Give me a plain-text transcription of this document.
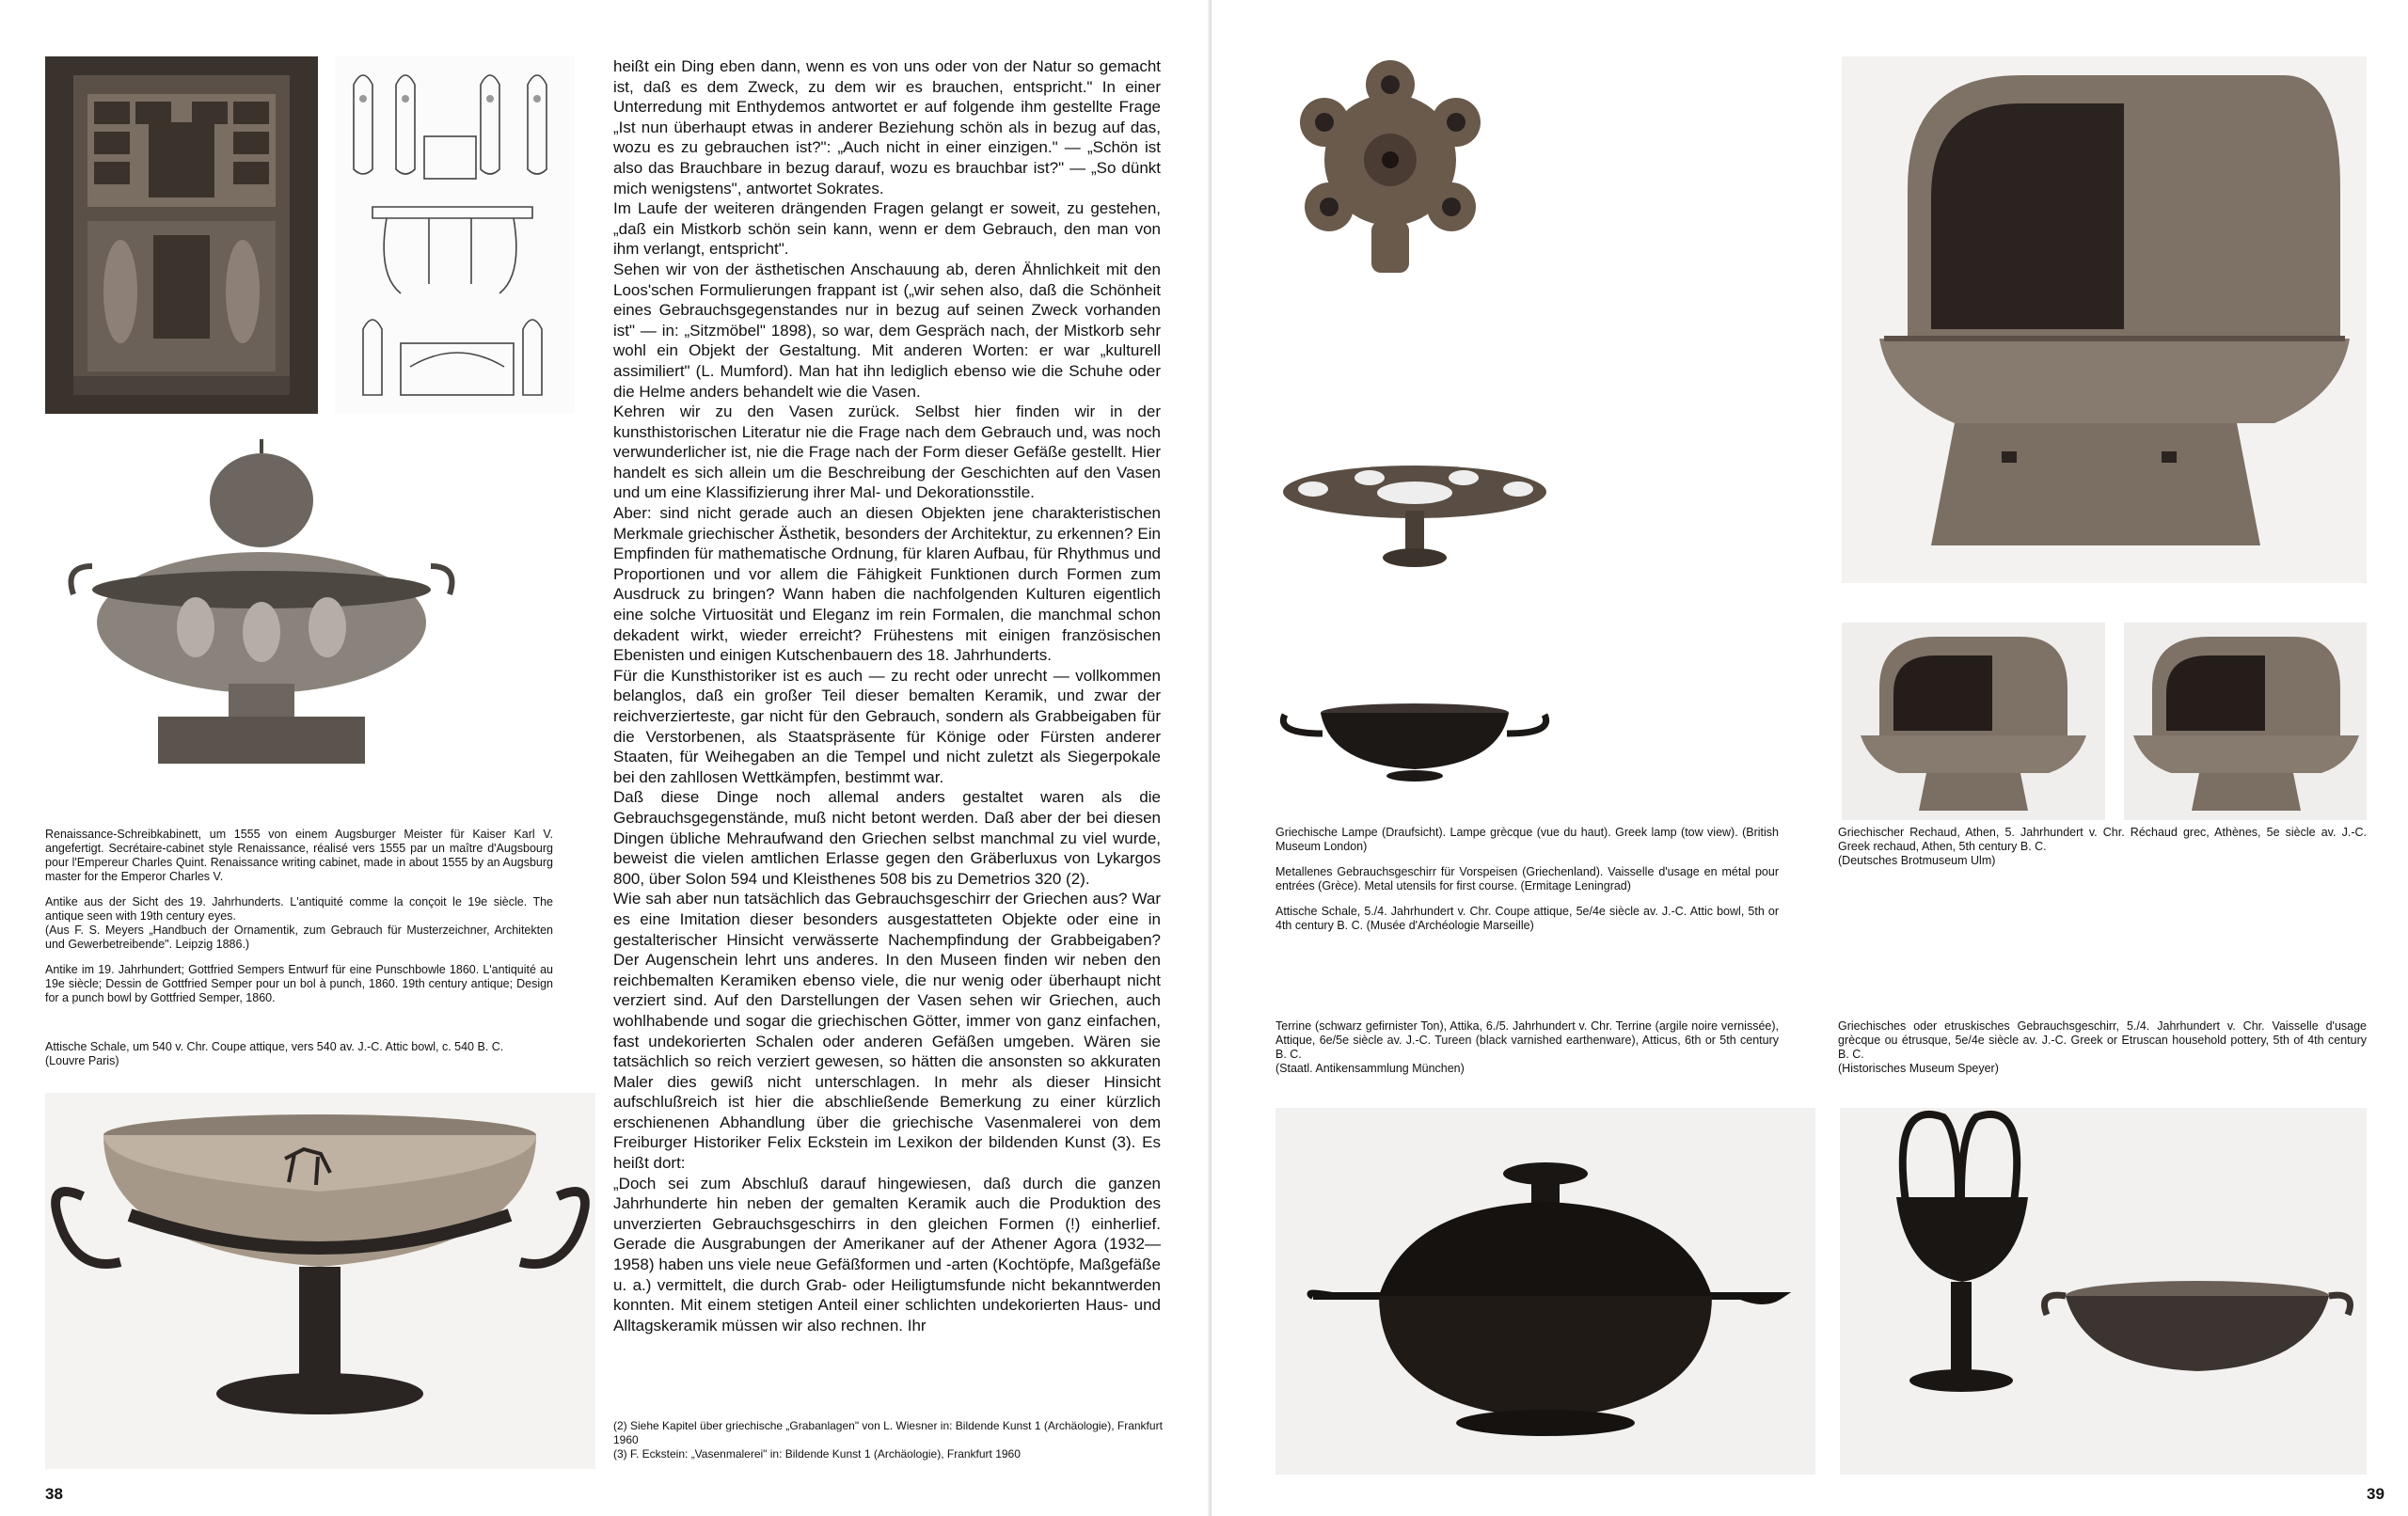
Renaissance-Schreibkabinett, um 1555 von einem Augsburger Meister für Kaiser Karl V. angefertigt. Secrétaire-cabinet style Renaissance, réalisé vers 1555 par un maître d'Augsbourg pour l'Empereur Charles Quint. Renaissance writing cabinet, made in about 1555 by an Augsburg master for the Emperor Charles V.

Antike aus der Sicht des 19. Jahrhunderts. L'antiquité comme la conçoit le 19e siècle. The antique seen with 19th century eyes.

(Aus F. S. Meyers „Handbuch der Ornamentik, zum Gebrauch für Musterzeichner, Architekten und Gewerbetreibende". Leipzig 1886.)

Antike im 19. Jahrhundert; Gottfried Sempers Entwurf für eine Punschbowle 1860. L'antiquité au 19e siècle; Dessin de Gottfried Semper pour un bol à punch, 1860. 19th century antique; Design for a punch bowl by Gottfried Semper, 1860.

Attische Schale, um 540 v. Chr. Coupe attique, vers 540 av. J.-C. Attic bowl, c. 540 B. C.

(Louvre Paris)

heißt ein Ding eben dann, wenn es von uns oder von der Natur so gemacht ist, daß es dem Zweck, zu dem wir es brauchen, entspricht." In einer Unterredung mit Enthydemos antwortet er auf folgende ihm gestellte Frage „Ist nun überhaupt etwas in anderer Beziehung schön als in bezug auf das, wozu es zu gebrauchen ist?": „Auch nicht in einer einzigen." — „Schön ist also das Brauchbare in bezug darauf, wozu es brauchbar ist?" — „So dünkt mich wenigstens", antwortet Sokrates.

Im Laufe der weiteren drängenden Fragen gelangt er soweit, zu gestehen, „daß ein Mistkorb schön sein kann, wenn er dem Gebrauch, den man von ihm verlangt, entspricht".

Sehen wir von der ästhetischen Anschauung ab, deren Ähnlichkeit mit den Loos'schen Formulierungen frappant ist („wir sehen also, daß die Schönheit eines Gebrauchsgegenstandes nur in bezug auf seinen Zweck vorhanden ist" — in: „Sitzmöbel" 1898), so war, dem Gespräch nach, der Mistkorb sehr wohl ein Objekt der Gestaltung. Mit anderen Worten: er war „kulturell assimiliert" (L. Mumford). Man hat ihn lediglich ebenso wie die Schuhe oder die Helme anders behandelt wie die Vasen.

Kehren wir zu den Vasen zurück. Selbst hier finden wir in der kunsthistorischen Literatur nie die Frage nach dem Gebrauch und, was noch verwunderlicher ist, nie die Frage nach der Form dieser Gefäße gestellt. Hier handelt es sich allein um die Beschreibung der Geschichten auf den Vasen und um eine Klassifizierung ihrer Mal- und Dekorationsstile.

Aber: sind nicht gerade auch an diesen Objekten jene charakteristischen Merkmale griechischer Ästhetik, besonders der Architektur, zu erkennen? Ein Empfinden für mathematische Ordnung, für klaren Aufbau, für Rhythmus und Proportionen und vor allem die Fähigkeit Funktionen durch Formen zum Ausdruck zu bringen? Wann haben die nachfolgenden Kulturen eigentlich eine solche Virtuosität und Eleganz im rein Formalen, die manchmal schon dekadent wirkt, wieder erreicht? Frühestens mit einigen französischen Ebenisten und einigen Kutschenbauern des 18. Jahrhunderts.

Für die Kunsthistoriker ist es auch — zu recht oder unrecht — vollkommen belanglos, daß ein großer Teil dieser bemalten Keramik, und zwar der reichverzierteste, gar nicht für den Gebrauch, sondern als Grabbeigaben für die Verstorbenen, als Staatspräsente für Könige oder Fürsten anderer Staaten, für Weihegaben an die Tempel und nicht zuletzt als Siegerpokale bei den zahllosen Wettkämpfen, bestimmt war.

Daß diese Dinge noch allemal anders gestaltet waren als die Gebrauchsgegenstände, muß nicht betont werden. Daß aber der bei diesen Dingen übliche Mehraufwand den Griechen selbst manchmal zu viel wurde, beweist die vielen amtlichen Erlasse gegen den Gräberluxus von Lykargos 800, über Solon 594 und Kleisthenes 508 bis zu Demetrios 320 (2).

Wie sah aber nun tatsächlich das Gebrauchsgeschirr der Griechen aus? War es eine Imitation dieser besonders ausgestatteten Objekte oder eine in gestalterischer Hinsicht verwässerte Nachempfindung der Grabbeigaben? Der Augenschein lehrt uns anderes. In den Museen finden wir neben den reichbemalten Keramiken ebenso viele, die nur wenig oder überhaupt nicht verziert sind. Auf den Darstellungen der Vasen sehen wir Griechen, auch wohlhabende und sogar die griechischen Götter, immer von ganz einfachen, fast undekorierten Schalen oder anderen Gefäßen umgeben. Wären sie tatsächlich so reich verziert gewesen, so hätten die ansonsten so akkuraten Maler dies gewiß nicht unterschlagen. In mehr als dieser Hinsicht aufschlußreich ist hier die abschließende Bemerkung zu einer kürzlich erschienenen Abhandlung über die griechische Vasenmalerei von dem Freiburger Historiker Felix Eckstein im Lexikon der bildenden Kunst (3). Es heißt dort:

„Doch sei zum Abschluß darauf hingewiesen, daß durch die ganzen Jahrhunderte hin neben der gemalten Keramik auch die Produktion des unverzierten Gebrauchsgeschirrs in den gleichen Formen (!) einherlief. Gerade die Ausgrabungen der Amerikaner auf der Athener Agora (1932—1958) haben uns viele neue Gefäßformen und -arten (Kochtöpfe, Maßgefäße u. a.) vermittelt, die durch Grab- oder Heiligtumsfunde nicht bekanntwerden konnten. Mit einem stetigen Anteil einer schlichten undekorierten Haus- und Alltagskeramik müssen wir also rechnen. Ihr

(2) Siehe Kapitel über griechische „Grabanlagen" von L. Wiesner in: Bildende Kunst 1 (Archäologie), Frankfurt 1960

(3) F. Eckstein: „Vasenmalerei" in: Bildende Kunst 1 (Archäologie), Frankfurt 1960

38

Griechische Lampe (Draufsicht). Lampe grècque (vue du haut). Greek lamp (tow view). (British Museum London)

Metallenes Gebrauchsgeschirr für Vorspeisen (Griechenland). Vaisselle d'usage en métal pour entrées (Grèce). Metal utensils for first course. (Ermitage Leningrad)

Attische Schale, 5./4. Jahrhundert v. Chr. Coupe attique, 5e/4e siècle av. J.-C. Attic bowl, 5th or 4th century B. C. (Musée d'Archéologie Marseille)

Griechischer Rechaud, Athen, 5. Jahrhundert v. Chr. Réchaud grec, Athènes, 5e siècle av. J.-C. Greek rechaud, Athen, 5th century B. C.

(Deutsches Brotmuseum Ulm)

Terrine (schwarz gefirnister Ton), Attika, 6./5. Jahrhundert v. Chr. Terrine (argile noire vernissée), Attique, 6e/5e siècle av. J.-C. Tureen (black varnished earthenware), Atticus, 6th or 5th century B. C.

(Staatl. Antikensammlung München)

Griechisches oder etruskisches Gebrauchsgeschirr, 5./4. Jahrhundert v. Chr. Vaisselle d'usage grècque ou étrusque, 5e/4e siècle av. J.-C. Greek or Etruscan household pottery, 5th of 4th century B. C.

(Historisches Museum Speyer)

39
